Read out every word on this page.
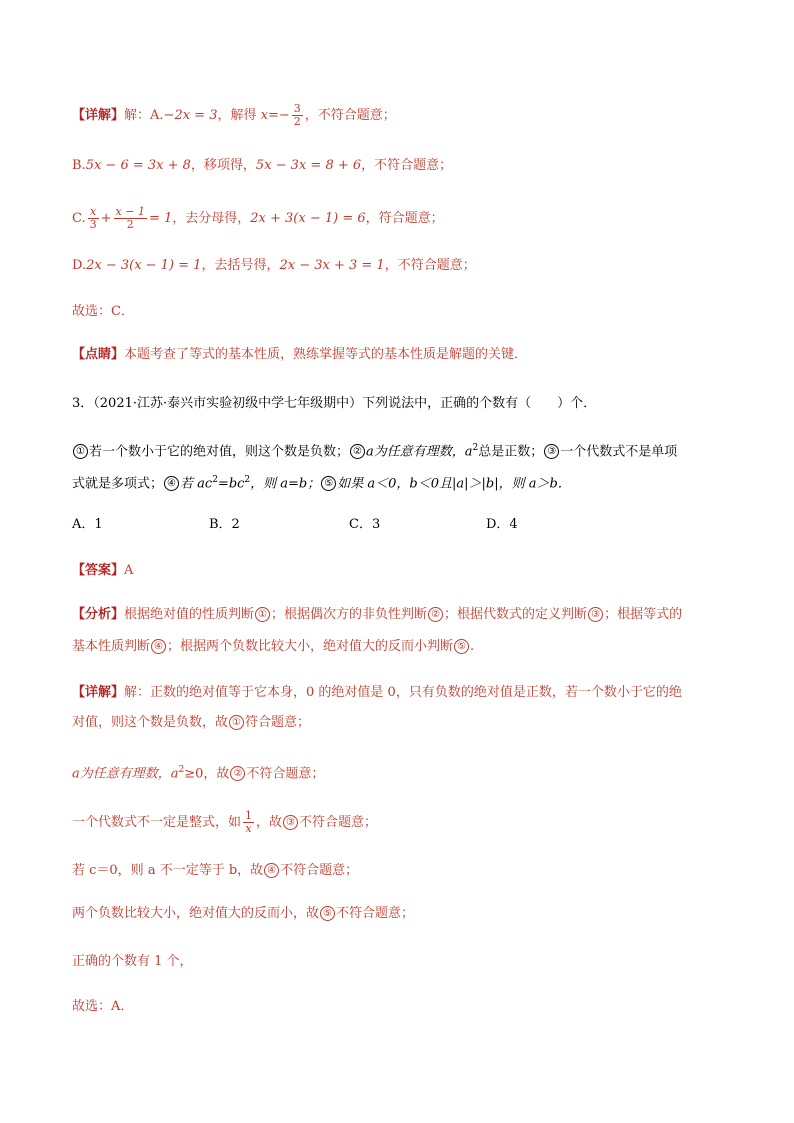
【详解】解：A.−2x = 3，解得 $x=- \frac{3}{2}$ ，不符合题意；
B.5x − 6 = 3x + 8，移项得，5x − 3x = 8 + 6，不符合题意；
C. $\frac{x}{3} + \frac{x - 1}{2} = 1$，去分母得，2x + 3(x − 1) = 6，符合题意；
D.2x − 3(x − 1) = 1，去括号得，2x − 3x + 3 = 1，不符合题意；
故选：C．
【点睛】本题考查了等式的基本性质，熟练掌握等式的基本性质是解题的关键．
3．（2021·江苏·泰兴市实验初级中学七年级期中）下列说法中，正确的个数有（　　）个．
① 若一个数小于它的绝对值，则这个数是负数； ② a为任意有理数，$a^2$总是正数； ③ 一个代数式不是单项
式就是多项式； ④ 若 $ac^2=bc^2$，则 a=b； ⑤ 如果 a＜0，b＜0且|a|＞|b|，则 a＞b．
A．1	B．2	C．3	D．4
【答案】A
【分析】根据绝对值的性质判断 ① ；根据偶次方的非负性判断 ② ；根据代数式的定义判断 ③ ；根据等式的
基本性质判断 ④ ；根据两个负数比较大小，绝对值大的反而小判断 ⑤ .
【详解】解：正数的绝对值等于它本身，0 的绝对值是 0，只有负数的绝对值是正数，若一个数小于它的绝
对值，则这个数是负数，故 ① 符合题意；
a为任意有理数，$a^2\ge 0$，故 ② 不符合题意；
一个代数式不一定是整式，如 $\frac{1}{x}$ ，故 ③ 不符合题意；
若 c＝0，则 a 不一定等于 b，故 ④ 不符合题意；
两个负数比较大小，绝对值大的反而小，故 ⑤ 不符合题意；
正确的个数有 1 个，
故选：A．
